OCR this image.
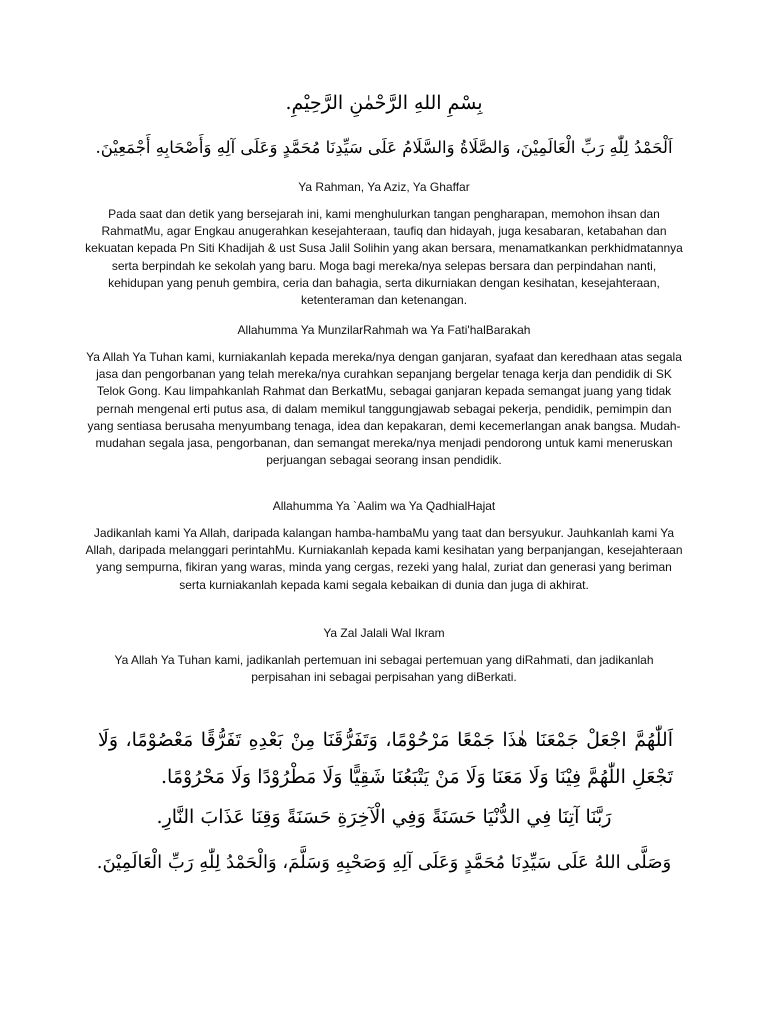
بِسْمِ اللهِ الرَّحْمٰنِ الرَّحِيْمِ.
اَلْحَمْدُ لِلّٰهِ رَبِّ الْعَالَمِيْنَ، وَالصَّلَاةُ وَالسَّلَامُ عَلَى سَيِّدِنَا مُحَمَّدٍ وَعَلَى آلِهِ وَأَصْحَابِهِ أَجْمَعِيْنَ.
Ya Rahman, Ya Aziz, Ya Ghaffar

Pada saat dan detik yang bersejarah ini, kami menghulurkan tangan pengharapan, memohon ihsan dan RahmatMu, agar Engkau anugerahkan kesejahteraan, taufiq dan hidayah, juga kesabaran, ketabahan dan kekuatan kepada Pn Siti Khadijah & ust Susa Jalil Solihin yang akan bersara, menamatkankan perkhidmatannya serta berpindah ke sekolah yang baru. Moga bagi mereka/nya selepas bersara dan perpindahan nanti, kehidupan yang penuh gembira, ceria dan bahagia, serta dikurniakan dengan kesihatan, kesejahteraan, ketenteraman dan ketenangan.

Allahumma Ya MunzilarRahmah wa Ya Fati'halBarakah

Ya Allah Ya Tuhan kami, kurniakanlah kepada mereka/nya dengan ganjaran, syafaat dan keredhaan atas segala jasa dan pengorbanan yang telah mereka/nya curahkan sepanjang bergelar tenaga kerja dan pendidik di SK Telok Gong. Kau limpahkanlah Rahmat dan BerkatMu, sebagai ganjaran kepada semangat juang yang tidak pernah mengenal erti putus asa, di dalam memikul tanggungjawab sebagai pekerja, pendidik, pemimpin dan yang sentiasa berusaha menyumbang tenaga, idea dan kepakaran, demi kecemerlangan anak bangsa. Mudah-mudahan segala jasa, pengorbanan, dan semangat mereka/nya menjadi pendorong untuk kami meneruskan perjuangan sebagai seorang insan pendidik.

Allahumma Ya `Aalim wa Ya QadhialHajat

Jadikanlah kami Ya Allah, daripada kalangan hamba-hambaMu yang taat dan bersyukur. Jauhkanlah kami Ya Allah, daripada melanggari perintahMu. Kurniakanlah kepada kami kesihatan yang berpanjangan, kesejahteraan yang sempurna, fikiran yang waras, minda yang cergas, rezeki yang halal, zuriat dan generasi yang beriman serta kurniakanlah kepada kami segala kebaikan di dunia dan juga di akhirat.

Ya Zal Jalali Wal Ikram

Ya Allah Ya Tuhan kami, jadikanlah pertemuan ini sebagai pertemuan yang diRahmati, dan jadikanlah perpisahan ini sebagai perpisahan yang diBerkati.

اَللّٰهُمَّ اجْعَلْ جَمْعَنَا هٰذَا جَمْعًا مَرْحُوْمًا، وَتَفَرُّقَنَا مِنْ بَعْدِهِ تَفَرُّقًا مَعْصُوْمًا، وَلَا تَجْعَلِ اللّٰهُمَّ فِيْنَا وَلَا مَعَنَا وَلَا مَنْ يَتْبَعُنَا شَقِيًّا وَلَا مَطْرُوْدًا وَلَا مَحْرُوْمًا.
رَبَّنَا آتِنَا فِي الدُّنْيَا حَسَنَةً وَفِي الْآخِرَةِ حَسَنَةً وَقِنَا عَذَابَ النَّارِ.
وَصَلَّى اللهُ عَلَى سَيِّدِنَا مُحَمَّدٍ وَعَلَى آلِهِ وَصَحْبِهِ وَسَلَّمَ، وَالْحَمْدُ لِلّٰهِ رَبِّ الْعَالَمِيْنَ.
